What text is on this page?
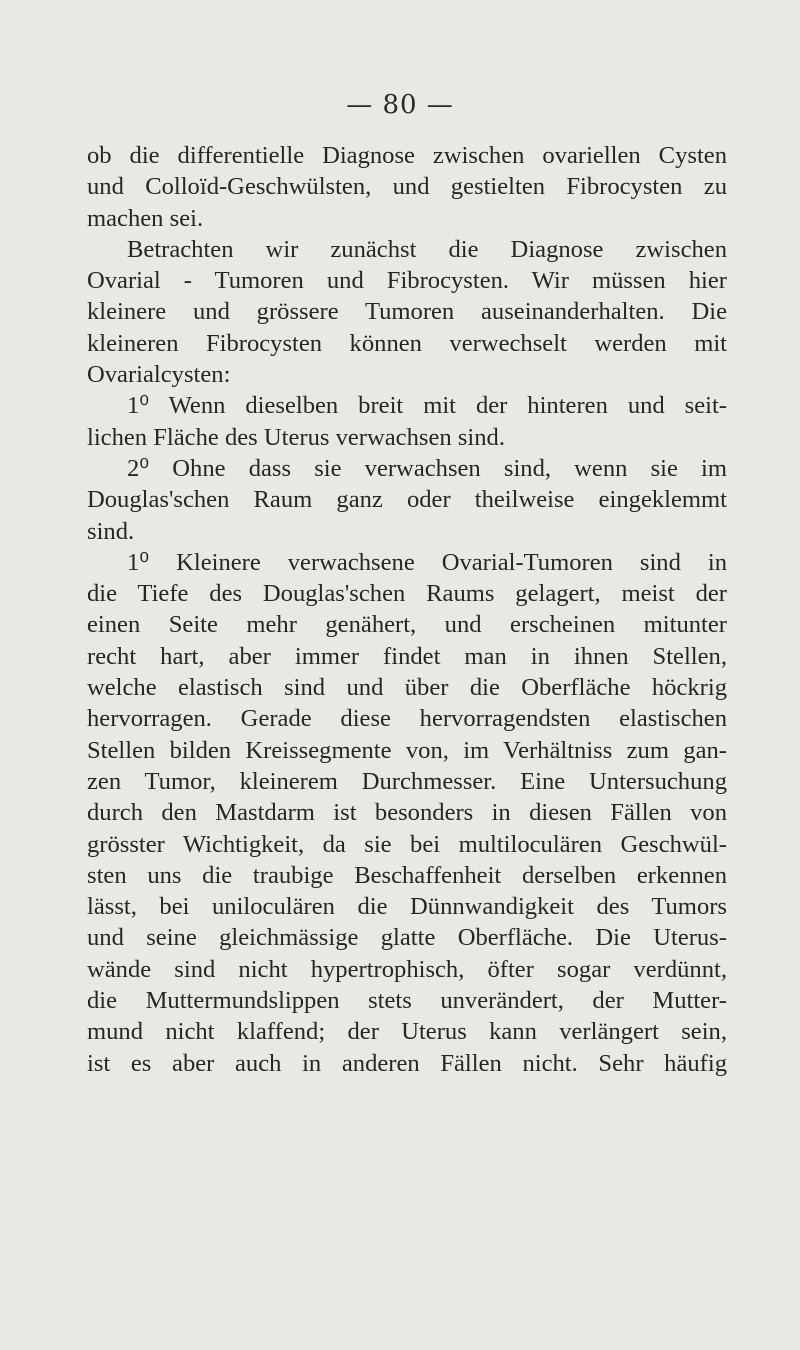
— 80 —
ob die differentielle Diagnose zwischen ovariellen Cysten
und Colloïd-Geschwülsten, und gestielten Fibrocysten zu
machen sei.
Betrachten wir zunächst die Diagnose zwischen
Ovarial - Tumoren und Fibrocysten. Wir müssen hier
kleinere und grössere Tumoren auseinanderhalten. Die
kleineren Fibrocysten können verwechselt werden mit
Ovarialcysten:
1⁰ Wenn dieselben breit mit der hinteren und seit-
lichen Fläche des Uterus verwachsen sind.
2⁰ Ohne dass sie verwachsen sind, wenn sie im
Douglas'schen Raum ganz oder theilweise eingeklemmt
sind.
1⁰ Kleinere verwachsene Ovarial-Tumoren sind in
die Tiefe des Douglas'schen Raums gelagert, meist der
einen Seite mehr genähert, und erscheinen mitunter
recht hart, aber immer findet man in ihnen Stellen,
welche elastisch sind und über die Oberfläche höckrig
hervorragen. Gerade diese hervorragendsten elastischen
Stellen bilden Kreissegmente von, im Verhältniss zum gan-
zen Tumor, kleinerem Durchmesser. Eine Untersuchung
durch den Mastdarm ist besonders in diesen Fällen von
grösster Wichtigkeit, da sie bei multiloculären Geschwül-
sten uns die traubige Beschaffenheit derselben erkennen
lässt, bei uniloculären die Dünnwandigkeit des Tumors
und seine gleichmässige glatte Oberfläche. Die Uterus-
wände sind nicht hypertrophisch, öfter sogar verdünnt,
die Muttermundslippen stets unverändert, der Mutter-
mund nicht klaffend; der Uterus kann verlängert sein,
ist es aber auch in anderen Fällen nicht. Sehr häufig
